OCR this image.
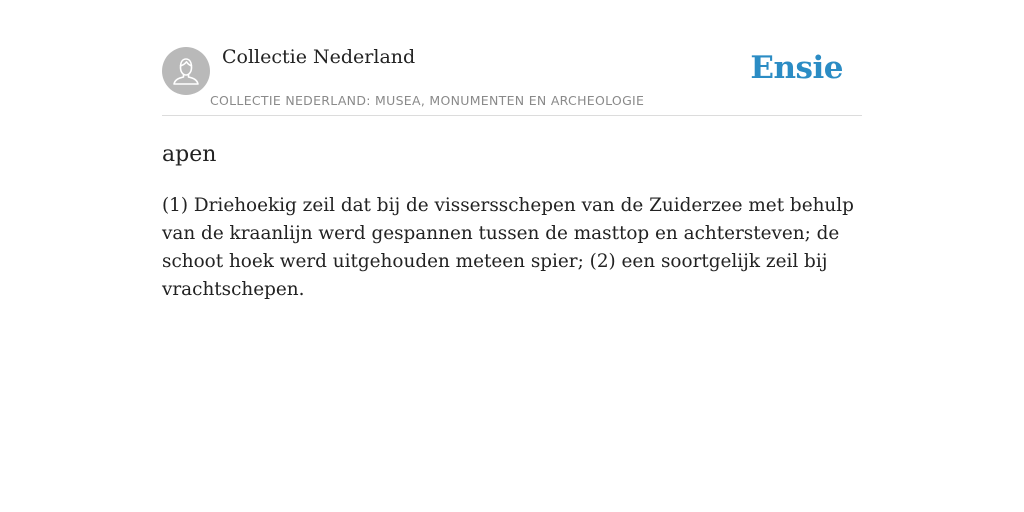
Collectie Nederland
COLLECTIE NEDERLAND: MUSEA, MONUMENTEN EN ARCHEOLOGIE
Ensie
apen

(1) Driehoekig zeil dat bij de vissersschepen van de Zuiderzee met behulp van de kraanlijn werd gespannen tussen de masttop en achtersteven; de schoot hoek werd uitgehouden meteen spier; (2) een soortgelijk zeil bij vrachtschepen.
